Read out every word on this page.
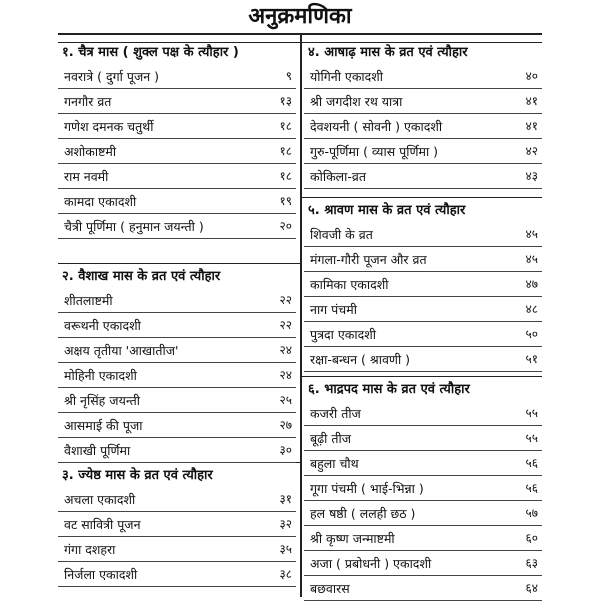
अनुक्रमणिका
१. चैत्र मास ( शुक्ल पक्ष के त्यौहार )
नवरात्रे ( दुर्गा पूजन )	९
गनगौर व्रत	१३
गणेश दमनक चतुर्थी	१८
अशोकाष्टमी	१८
राम नवमी	१८
कामदा एकादशी	१९
चैत्री पूर्णिमा ( हनुमान जयन्ती )	२०
२. वैशाख मास के व्रत एवं त्यौहार
शीतलाष्टमी	२२
वरूथनी एकादशी	२२
अक्षय तृतीया 'आखातीज'	२४
मोहिनी एकादशी	२४
श्री नृसिंह जयन्ती	२५
आसमाई की पूजा	२७
वैशाखी पूर्णिमा	३०
३. ज्येष्ठ मास के व्रत एवं त्यौहार
अचला एकादशी	३१
वट सावित्री पूजन	३२
गंगा दशहरा	३५
निर्जला एकादशी	३८
४. आषाढ़ मास के व्रत एवं त्यौहार
योगिनी एकादशी	४०
श्री जगदीश रथ यात्रा	४१
देवशयनी ( सोवनी ) एकादशी	४१
गुरु-पूर्णिमा ( व्यास पूर्णिमा )	४२
कोकिला-व्रत	४३
५. श्रावण मास के व्रत एवं त्यौहार
शिवजी के व्रत	४५
मंगला-गौरी पूजन और व्रत	४५
कामिका एकादशी	४७
नाग पंचमी	४८
पुत्रदा एकादशी	५०
रक्षा-बन्धन ( श्रावणी )	५१
६. भाद्रपद मास के व्रत एवं त्यौहार
कजरी तीज	५५
बूढ़ी तीज	५५
बहुला चौथ	५६
गूगा पंचमी ( भाई-भिन्ना )	५६
हल षष्ठी ( ललही छठ )	५७
श्री कृष्ण जन्माष्टमी	६०
अजा ( प्रबोधनी ) एकादशी	६३
बछवारस	६४
